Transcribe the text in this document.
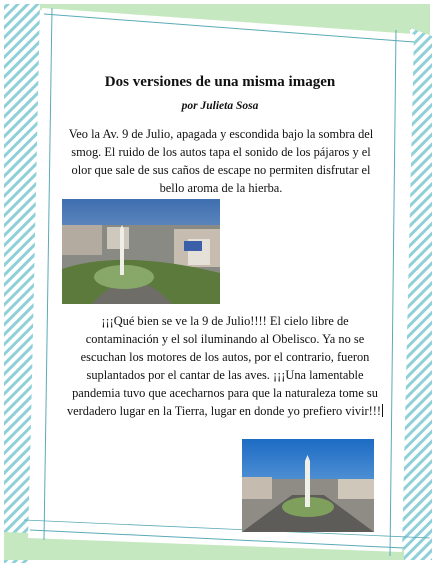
Dos versiones de una misma imagen
por Julieta Sosa
Veo la Av. 9 de Julio, apagada y escondida bajo la sombra del smog. El ruido de los autos tapa el sonido de los pájaros y el olor que sale de sus caños de escape no permiten disfrutar el bello aroma de la hierba.
¡¡¡Qué bien se ve la 9 de Julio!!!! El cielo libre de contaminación y el sol iluminando al Obelisco. Ya no se escuchan los motores de los autos, por el contrario, fueron suplantados por el cantar de las aves. ¡¡¡Una lamentable pandemia tuvo que acecharnos para que la naturaleza tome su verdadero lugar en la Tierra, lugar en donde yo prefiero vivir!!!
